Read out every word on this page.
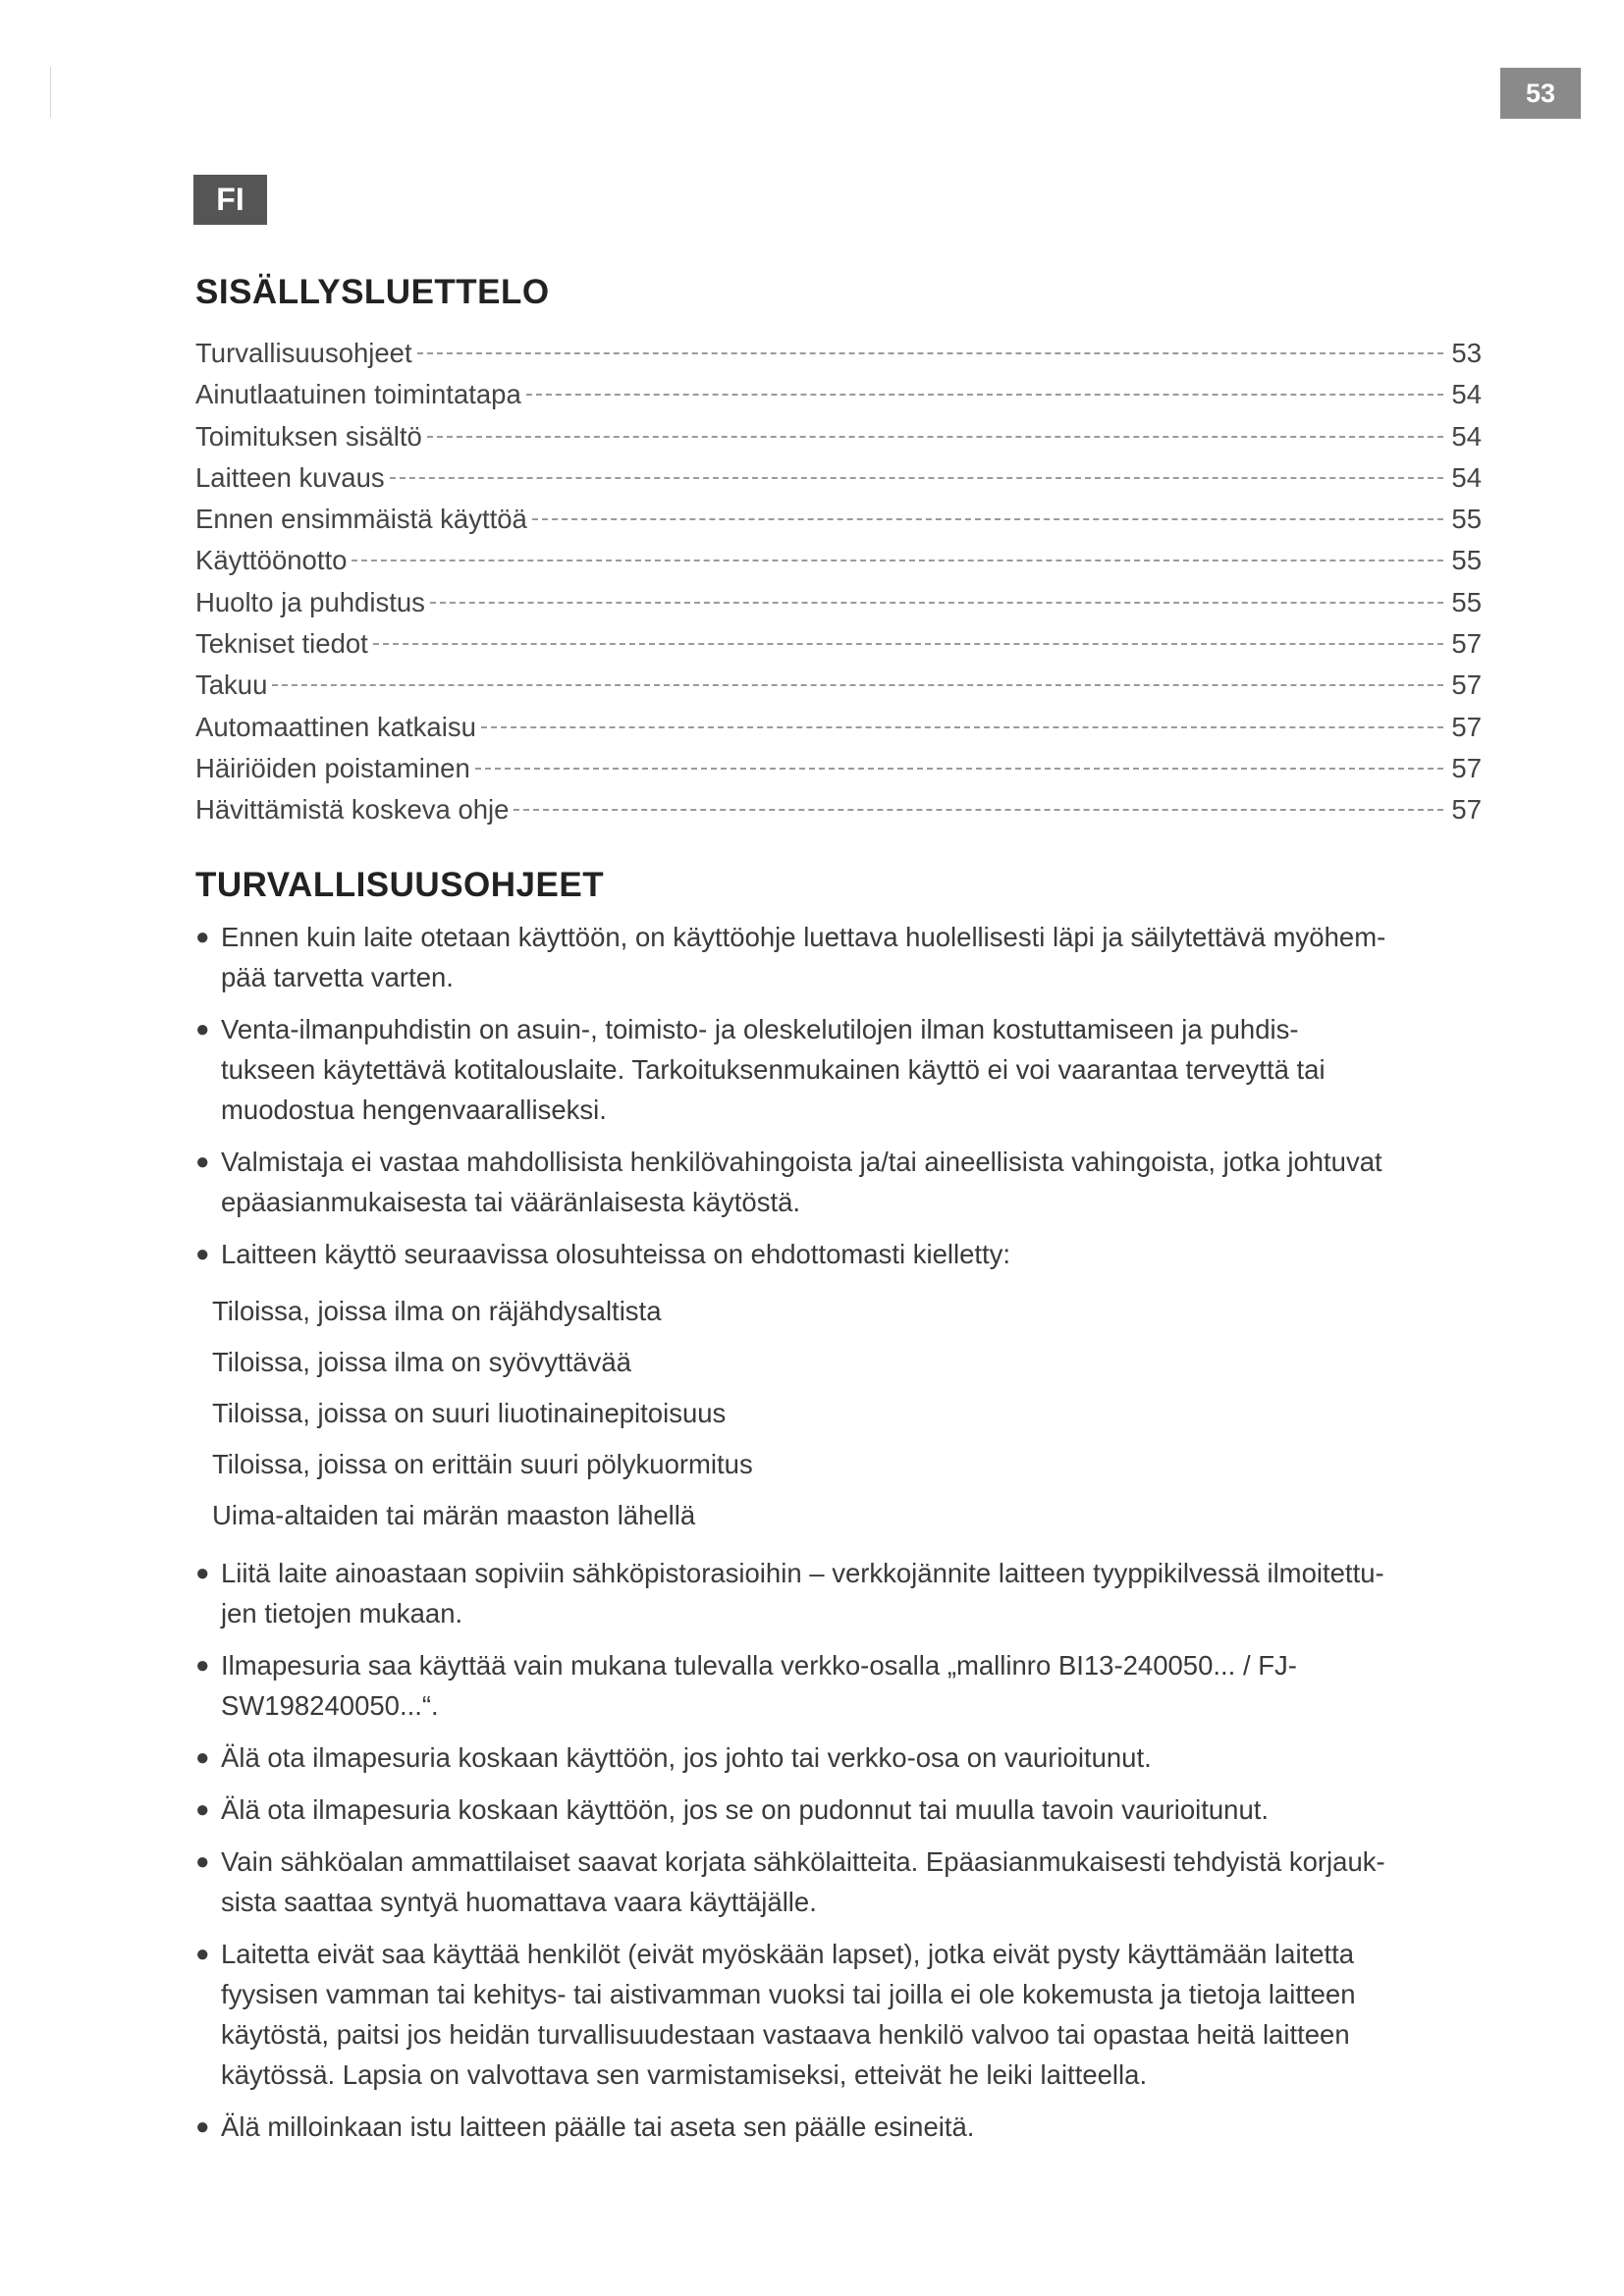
53
FI
SISÄLLYSLUETTELO
Turvallisuusohjeet	53
Ainutlaatuinen toimintatapa	54
Toimituksen sisältö	54
Laitteen kuvaus	54
Ennen ensimmäistä käyttöä	55
Käyttöönotto	55
Huolto ja puhdistus	55
Tekniset tiedot	57
Takuu	57
Automaattinen katkaisu	57
Häiriöiden poistaminen	57
Hävittämistä koskeva ohje	57
TURVALLISUUSOHJEET
● Ennen kuin laite otetaan käyttöön, on käyttöohje luettava huolellisesti läpi ja säilytettävä myöhem-
pää tarvetta varten.
● Venta-ilmanpuhdistin on asuin-, toimisto- ja oleskelutilojen ilman kostuttamiseen ja puhdis-
tukseen käytettävä kotitalouslaite. Tarkoituksenmukainen käyttö ei voi vaarantaa terveyttä tai
muodostua hengenvaaralliseksi.
● Valmistaja ei vastaa mahdollisista henkilövahingoista ja/tai aineellisista vahingoista, jotka johtuvat
epäasianmukaisesta tai vääränlaisesta käytöstä.
● Laitteen käyttö seuraavissa olosuhteissa on ehdottomasti kielletty:
Tiloissa, joissa ilma on räjähdysaltista
Tiloissa, joissa ilma on syövyttävää
Tiloissa, joissa on suuri liuotinainepitoisuus
Tiloissa, joissa on erittäin suuri pölykuormitus
Uima-altaiden tai märän maaston lähellä
● Liitä laite ainoastaan sopiviin sähköpistorasioihin – verkkojännite laitteen tyyppikilvessä ilmoitettu-
jen tietojen mukaan.
● Ilmapesuria saa käyttää vain mukana tulevalla verkko-osalla „mallinro BI13-240050... / FJ-
SW198240050...“.
● Älä ota ilmapesuria koskaan käyttöön, jos johto tai verkko-osa on vaurioitunut.
● Älä ota ilmapesuria koskaan käyttöön, jos se on pudonnut tai muulla tavoin vaurioitunut.
● Vain sähköalan ammattilaiset saavat korjata sähkölaitteita. Epäasianmukaisesti tehdyistä korjauk-
sista saattaa syntyä huomattava vaara käyttäjälle.
● Laitetta eivät saa käyttää henkilöt (eivät myöskään lapset), jotka eivät pysty käyttämään laitetta
fyysisen vamman tai kehitys- tai aistivamman vuoksi tai joilla ei ole kokemusta ja tietoja laitteen
käytöstä, paitsi jos heidän turvallisuudestaan vastaava henkilö valvoo tai opastaa heitä laitteen
käytössä. Lapsia on valvottava sen varmistamiseksi, etteivät he leiki laitteella.
● Älä milloinkaan istu laitteen päälle tai aseta sen päälle esineitä.
